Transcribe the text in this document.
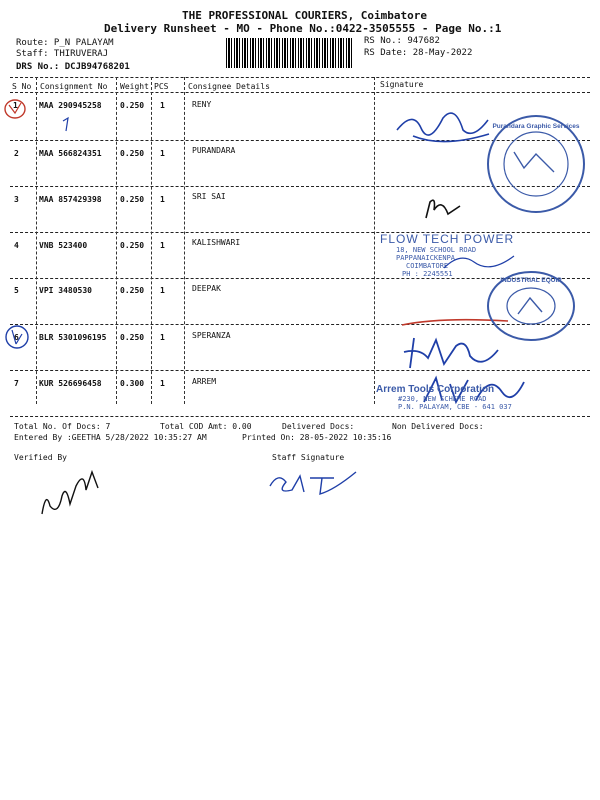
THE PROFESSIONAL COURIERS, Coimbatore
Delivery Runsheet - MO - Phone No.:0422-3505555 - Page No.:1
Route: P_N PALAYAM
Staff: THIRUVERAJ
DRS No.: DCJB94768201
RS No.: 947682
RS Date: 28-May-2022
S No Consignment No Weight PCS Consignee Details	Signature
1	MAA 290945258 0.250 1	RENY
2	MAA 566824351 0.250 1	PURANDARA
3	MAA 857429398 0.250 1	SRI SAI
4	VNB 523400	0.250 1	KALISHWARI
5	VPI 3480530	0.250 1	DEEPAK
6	BLR 5301096195 0.250 1	SPERANZA
7	KUR 526696458 0.300 1	ARREM
Purandara Graphic Services
FLOW TECH POWER
18, NEW SCHOOL ROAD
PAPPANAICKENPA
COIMBATORE
PH : 2245551
INDUSTRIAL EQUIP
Arrem Tools Corporation
#230, NEW SCHEME ROAD
P.N. PALAYAM, CBE - 641 037
Total No. Of Docs: 7	Total COD Amt: 0.00	Delivered Docs:	Non Delivered Docs:
Entered By :GEETHA 5/28/2022 10:35:27 AM	Printed On: 28-05-2022 10:35:16
Verified By	Staff Signature
